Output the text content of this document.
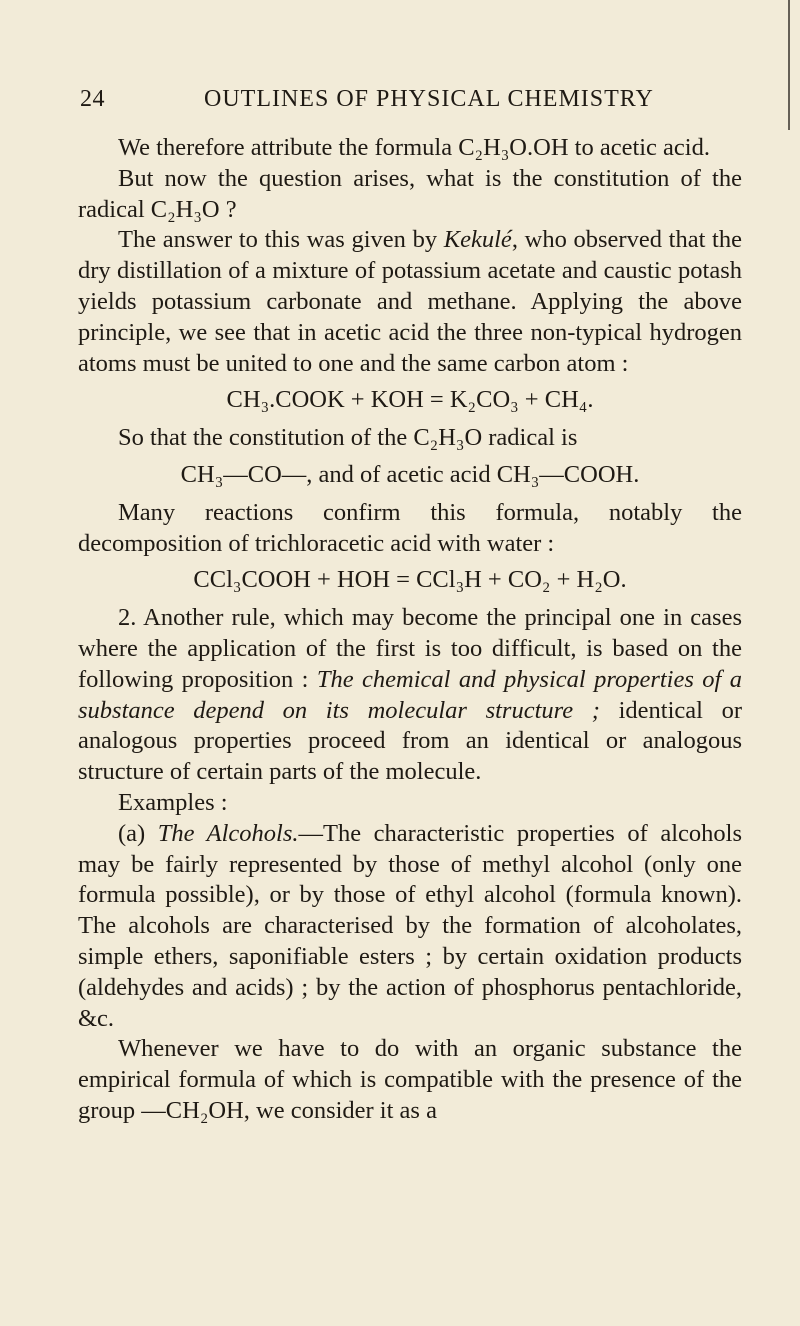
24	OUTLINES OF PHYSICAL CHEMISTRY

We therefore attribute the formula C₂H₃O.OH to acetic acid.

But now the question arises, what is the constitution of the radical C₂H₃O ?

The answer to this was given by Kekulé, who observed that the dry distillation of a mixture of potassium acetate and caustic potash yields potassium carbonate and methane. Applying the above principle, we see that in acetic acid the three non-typical hydrogen atoms must be united to one and the same carbon atom :

CH₃.COOK + KOH = K₂CO₃ + CH₄.

So that the constitution of the C₂H₃O radical is

CH₃—CO—, and of acetic acid CH₃—COOH.

Many reactions confirm this formula, notably the decomposition of trichloracetic acid with water :

CCl₃COOH + HOH = CCl₃H + CO₂ + H₂O.

2. Another rule, which may become the principal one in cases where the application of the first is too difficult, is based on the following proposition : The chemical and physical properties of a substance depend on its molecular structure ; identical or analogous properties proceed from an identical or analogous structure of certain parts of the molecule.

Examples :

(a) The Alcohols.—The characteristic properties of alcohols may be fairly represented by those of methyl alcohol (only one formula possible), or by those of ethyl alcohol (formula known). The alcohols are characterised by the formation of alcoholates, simple ethers, saponifiable esters ; by certain oxidation products (aldehydes and acids) ; by the action of phosphorus pentachloride, &c.

Whenever we have to do with an organic substance the empirical formula of which is compatible with the presence of the group —CH₂OH, we consider it as a
